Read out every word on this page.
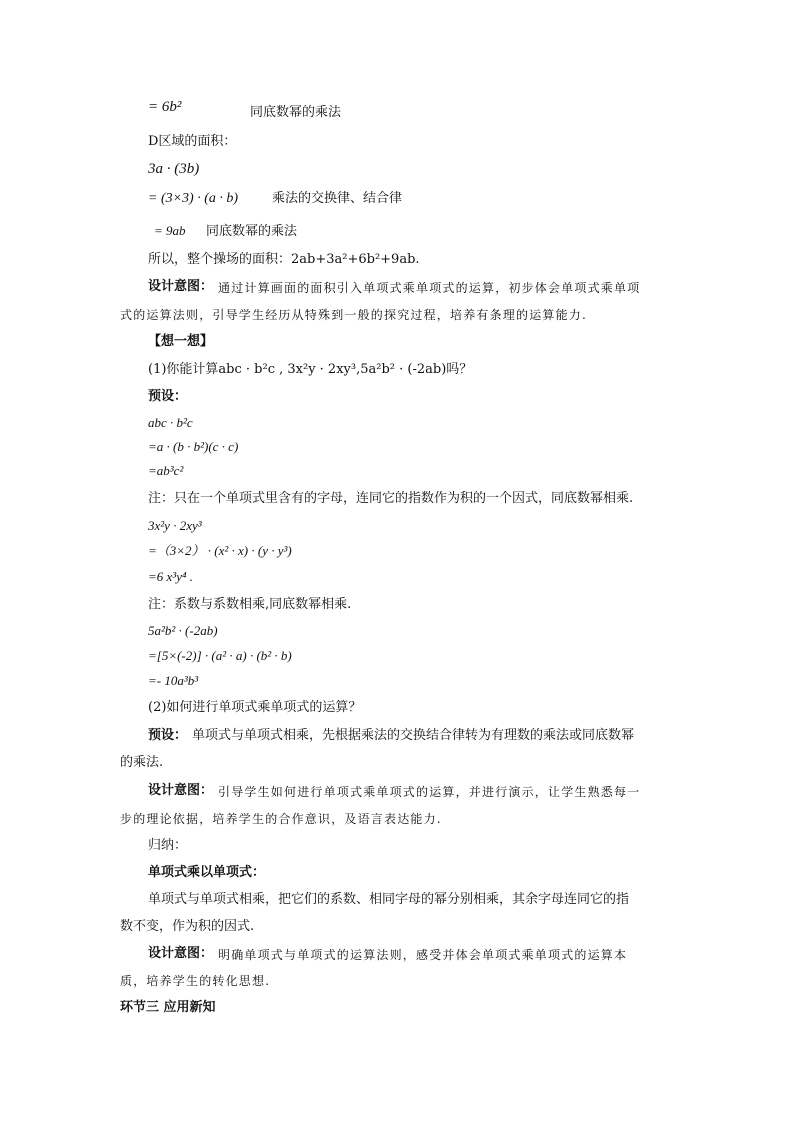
= 6b²	同底数幂的乘法
D区域的面积：
3a · (3b)
= (3×3) · (a · b)	乘法的交换律、结合律
= 9ab 同底数幂的乘法
所以，整个操场的面积：2ab+3a²+6b²+9ab.
设计意图： 通过计算画面的面积引入单项式乘单项式的运算，初步体会单项式乘单项
式的运算法则，引导学生经历从特殊到一般的探究过程，培养有条理的运算能力.
【想一想】
(1)你能计算abc · b²c , 3x²y · 2xy³,5a²b² · (-2ab)吗？
预设：
abc · b²c
=a · (b · b²)(c · c)
=ab³c²
注：只在一个单项式里含有的字母，连同它的指数作为积的一个因式，同底数幂相乘.
3x²y · 2xy³
=（3×2） · (x² · x) · (y · y³)
=6 x³y⁴ .
注：系数与系数相乘,同底数幂相乘.
5a²b² · (-2ab)
=[5×(-2)] · (a² · a) · (b² · b)
=- 10a³b³
(2)如何进行单项式乘单项式的运算？
预设： 单项式与单项式相乘，先根据乘法的交换结合律转为有理数的乘法或同底数幂
的乘法.
设计意图： 引导学生如何进行单项式乘单项式的运算，并进行演示，让学生熟悉每一
步的理论依据，培养学生的合作意识，及语言表达能力.
归纳：
单项式乘以单项式：
单项式与单项式相乘，把它们的系数、相同字母的幂分别相乘，其余字母连同它的指
数不变，作为积的因式.
设计意图： 明确单项式与单项式的运算法则，感受并体会单项式乘单项式的运算本
质，培养学生的转化思想.
环节三 应用新知
